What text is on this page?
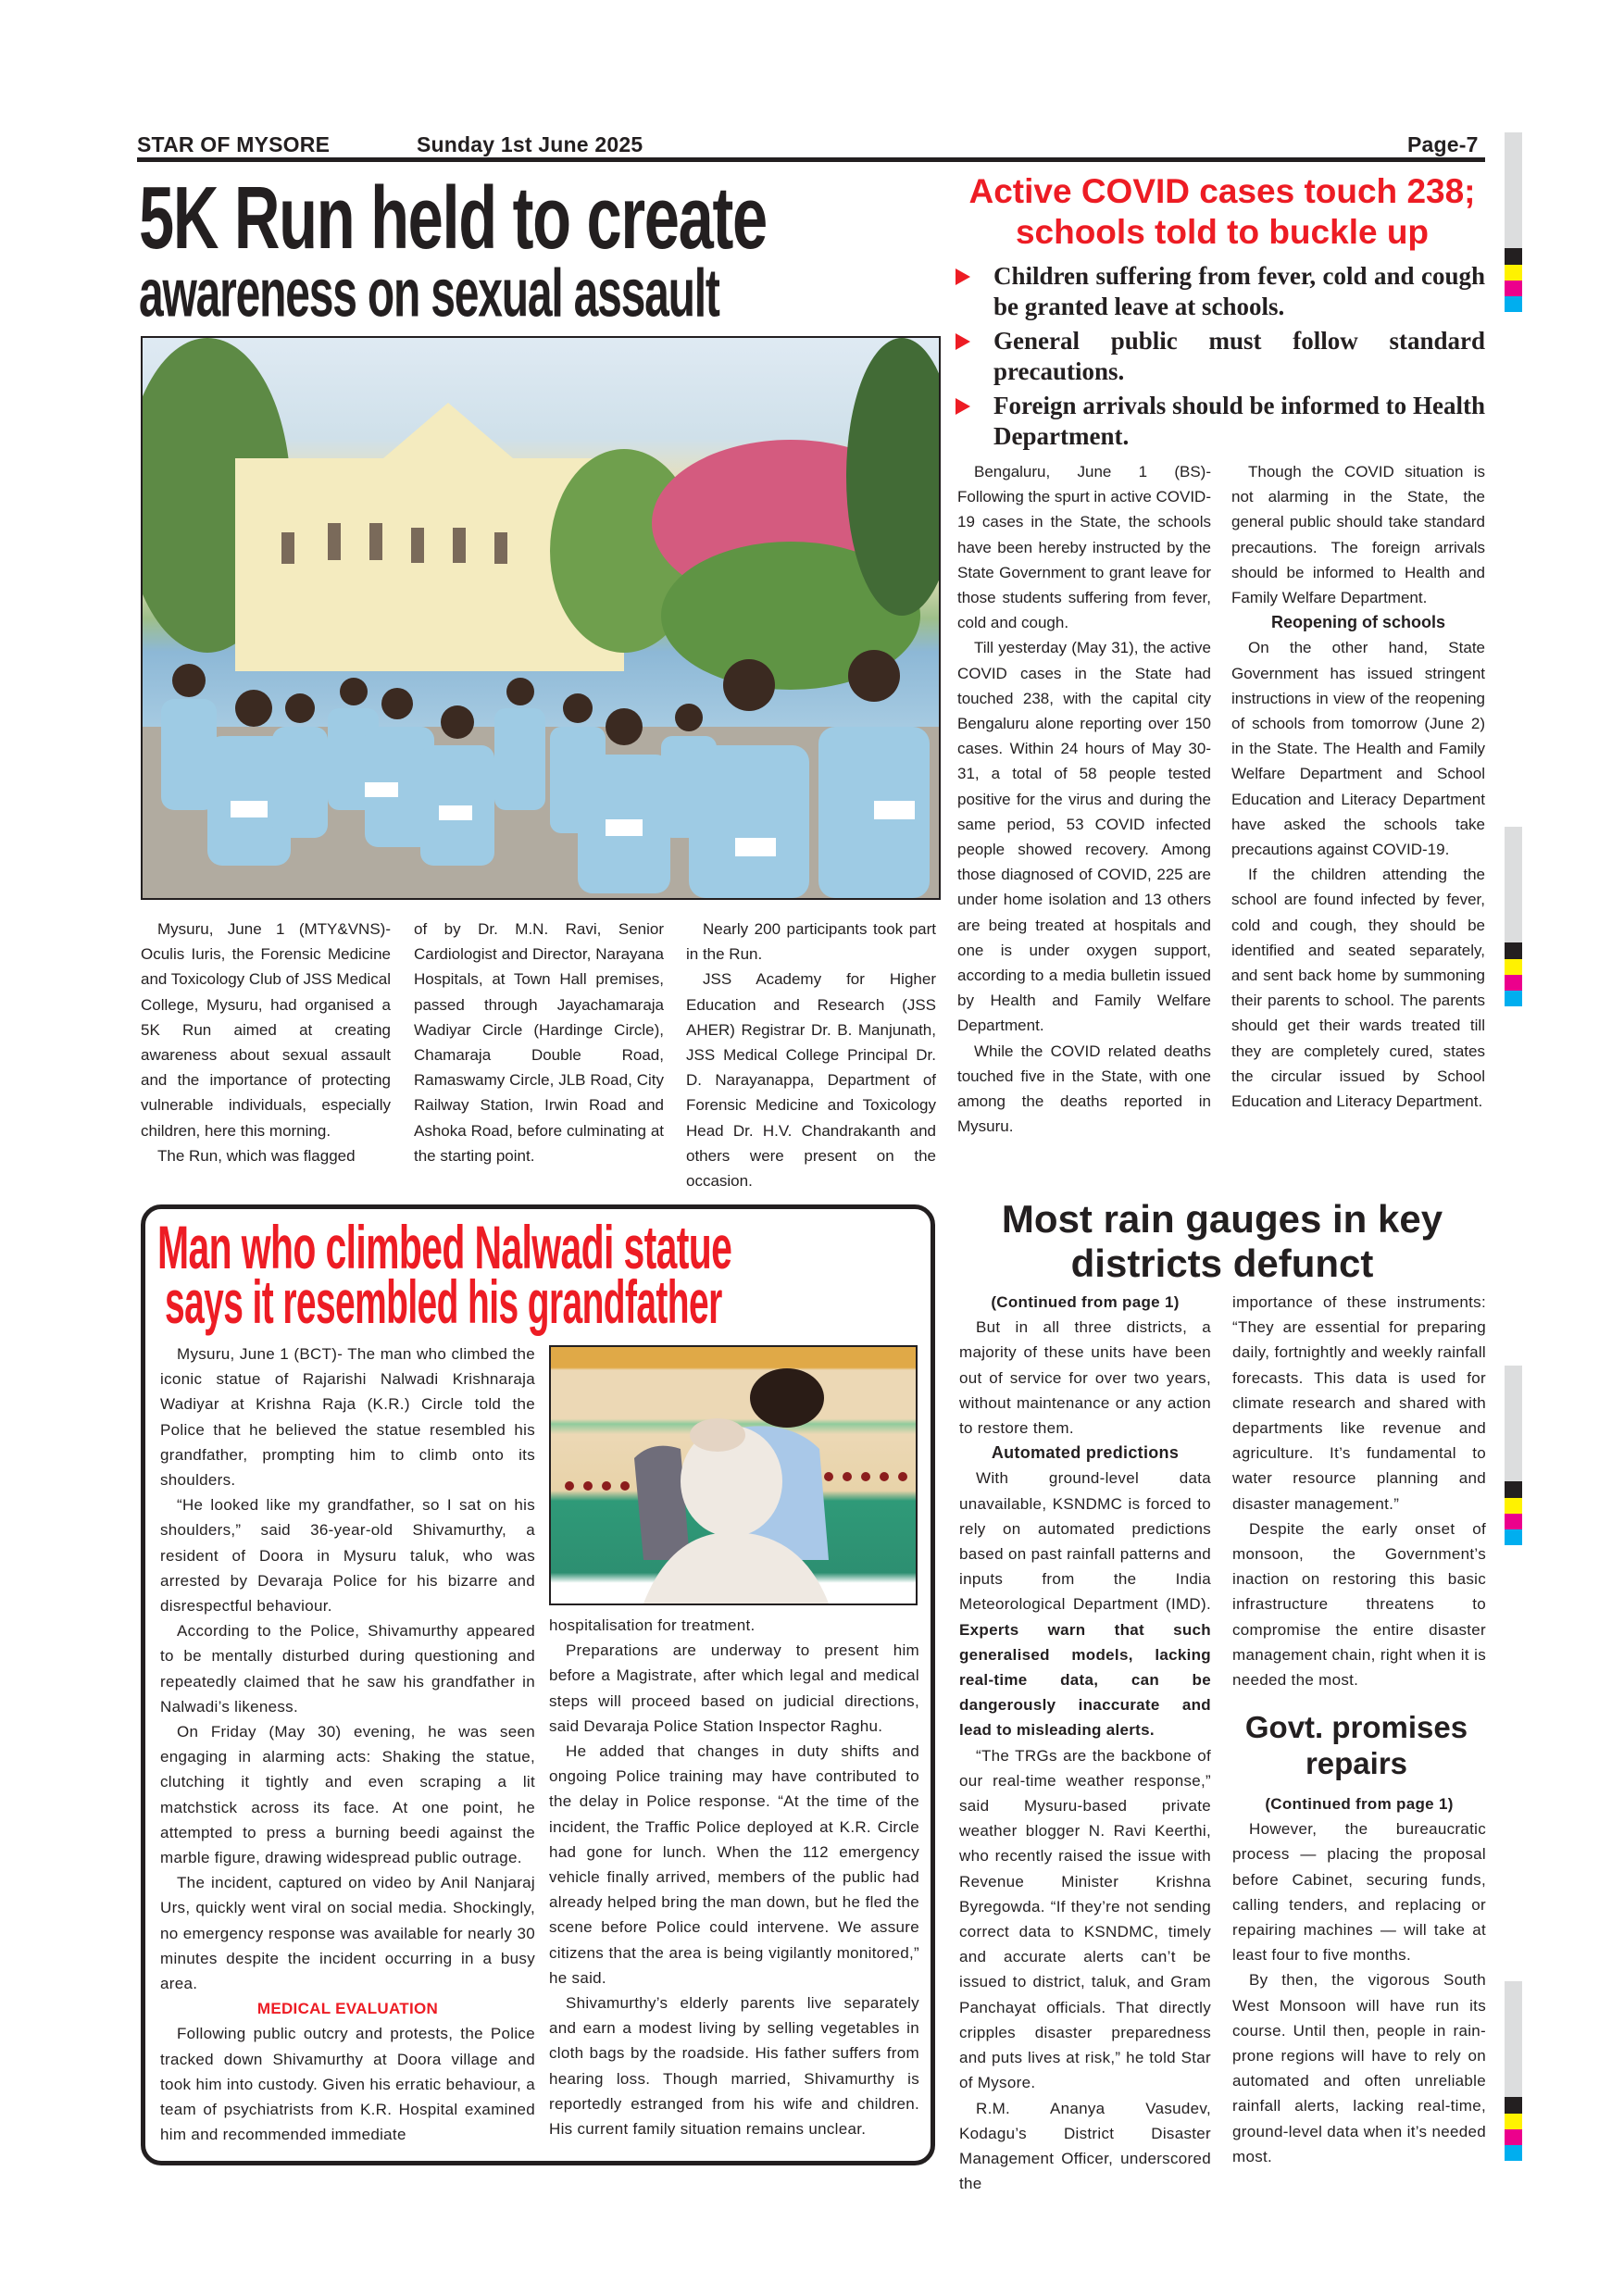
STAR OF MYSORE	Sunday 1st June 2025	Page-7
5K Run held to create
awareness on sexual assault

Mysuru, June 1 (MTY&VNS)- Oculis Iuris, the Forensic Medicine and Toxicology Club of JSS Medical College, Mysuru, had organised a 5K Run aimed at creating awareness about sexual assault and the importance of protecting vulnerable individuals, especially children, here this morning.

The Run, which was flagged

of by Dr. M.N. Ravi, Senior Cardiologist and Director, Narayana Hospitals, at Town Hall premises, passed through Jayachamaraja Wadiyar Circle (Hardinge Circle), Chamaraja Double Road, Ramaswamy Circle, JLB Road, City Railway Station, Irwin Road and Ashoka Road, before culminating at the starting point.

Nearly 200 participants took part in the Run.

JSS Academy for Higher Education and Research (JSS AHER) Registrar Dr. B. Manjunath, JSS Medical College Principal Dr. D. Narayanappa, Department of Forensic Medicine and Toxicology Head Dr. H.V. Chandrakanth and others were present on the occasion.

Active COVID cases touch 238;
schools told to buckle up
Children suffering from fever, cold and cough be granted leave at schools.
General public must follow standard precautions.
Foreign arrivals should be informed to Health Department.

Bengaluru, June 1 (BS)- Following the spurt in active COVID-19 cases in the State, the schools have been hereby instructed by the State Government to grant leave for those students suffering from fever, cold and cough.

Till yesterday (May 31), the active COVID cases in the State had touched 238, with the capital city Bengaluru alone reporting over 150 cases. Within 24 hours of May 30-31, a total of 58 people tested positive for the virus and during the same period, 53 COVID infected people showed recovery. Among those diagnosed of COVID, 225 are under home isolation and 13 others are being treated at hospitals and one is under oxygen support, according to a media bulletin issued by Health and Family Welfare Department.

While the COVID related deaths touched five in the State, with one among the deaths reported in Mysuru.

Though the COVID situation is not alarming in the State, the general public should take standard precautions. The foreign arrivals should be informed to Health and Family Welfare Department.

Reopening of schools

On the other hand, State Government has issued stringent instructions in view of the reopening of schools from tomorrow (June 2) in the State. The Health and Family Welfare Department and School Education and Literacy Department have asked the schools take precautions against COVID-19.

If the children attending the school are found infected by fever, cold and cough, they should be identified and seated separately, and sent back home by summoning their parents to school. The parents should get their wards treated till they are completely cured, states the circular issued by School Education and Literacy Department.

Man who climbed Nalwadi statue
says it resembled his grandfather

Mysuru, June 1 (BCT)- The man who climbed the iconic statue of Rajarishi Nalwadi Krishnaraja Wadiyar at Krishna Raja (K.R.) Circle told the Police that he believed the statue resembled his grandfather, prompting him to climb onto its shoulders.

“He looked like my grandfather, so I sat on his shoulders,” said 36-year-old Shivamurthy, a resident of Doora in Mysuru taluk, who was arrested by Devaraja Police for his bizarre and disrespectful behaviour.

According to the Police, Shivamurthy appeared to be mentally disturbed during questioning and repeatedly claimed that he saw his grandfather in Nalwadi’s likeness.

On Friday (May 30) evening, he was seen engaging in alarming acts: Shaking the statue, clutching it tightly and even scraping a lit matchstick across its face. At one point, he attempted to press a burning beedi against the marble figure, drawing widespread public outrage.

The incident, captured on video by Anil Nanjaraj Urs, quickly went viral on social media. Shockingly, no emergency response was available for nearly 30 minutes despite the incident occurring in a busy area.

MEDICAL EVALUATION

Following public outcry and protests, the Police tracked down Shivamurthy at Doora village and took him into custody. Given his erratic behaviour, a team of psychiatrists from K.R. Hospital examined him and recommended immediate

hospitalisation for treatment.

Preparations are underway to present him before a Magistrate, after which legal and medical steps will proceed based on judicial directions, said Devaraja Police Station Inspector Raghu.

He added that changes in duty shifts and ongoing Police training may have contributed to the delay in Police response. “At the time of the incident, the Traffic Police deployed at K.R. Circle had gone for lunch. When the 112 emergency vehicle finally arrived, members of the public had already helped bring the man down, but he fled the scene before Police could intervene. We assure citizens that the area is being vigilantly monitored,” he said.

Shivamurthy’s elderly parents live separately and earn a modest living by selling vegetables in cloth bags by the roadside. His father suffers from hearing loss. Though married, Shivamurthy is reportedly estranged from his wife and children. His current family situation remains unclear.

Most rain gauges in key
districts defunct
(Continued from page 1)

But in all three districts, a majority of these units have been out of service for over two years, without maintenance or any action to restore them.

Automated predictions

With ground-level data unavailable, KSNDMC is forced to rely on automated predictions based on past rainfall patterns and inputs from the India Meteorological Department (IMD). Experts warn that such generalised models, lacking real-time data, can be dangerously inaccurate and lead to misleading alerts.

“The TRGs are the backbone of our real-time weather response,” said Mysuru-based private weather blogger N. Ravi Keerthi, who recently raised the issue with Revenue Minister Krishna Byregowda. “If they’re not sending correct data to KSNDMC, timely and accurate alerts can’t be issued to district, taluk, and Gram Panchayat officials. That directly cripples disaster preparedness and puts lives at risk,” he told Star of Mysore.

R.M. Ananya Vasudev, Kodagu’s District Disaster Management Officer, underscored the

importance of these instruments: “They are essential for preparing daily, fortnightly and weekly rainfall forecasts. This data is used for climate research and shared with departments like revenue and agriculture. It’s fundamental to water resource planning and disaster management.”

Despite the early onset of monsoon, the Government’s inaction on restoring this basic infrastructure threatens to compromise the entire disaster management chain, right when it is needed the most.

Govt. promises repairs
(Continued from page 1)

However, the bureaucratic process — placing the proposal before Cabinet, securing funds, calling tenders, and replacing or repairing machines — will take at least four to five months.

By then, the vigorous South West Monsoon will have run its course. Until then, people in rain-prone regions will have to rely on automated and often unreliable rainfall alerts, lacking real-time, ground-level data when it’s needed most.
